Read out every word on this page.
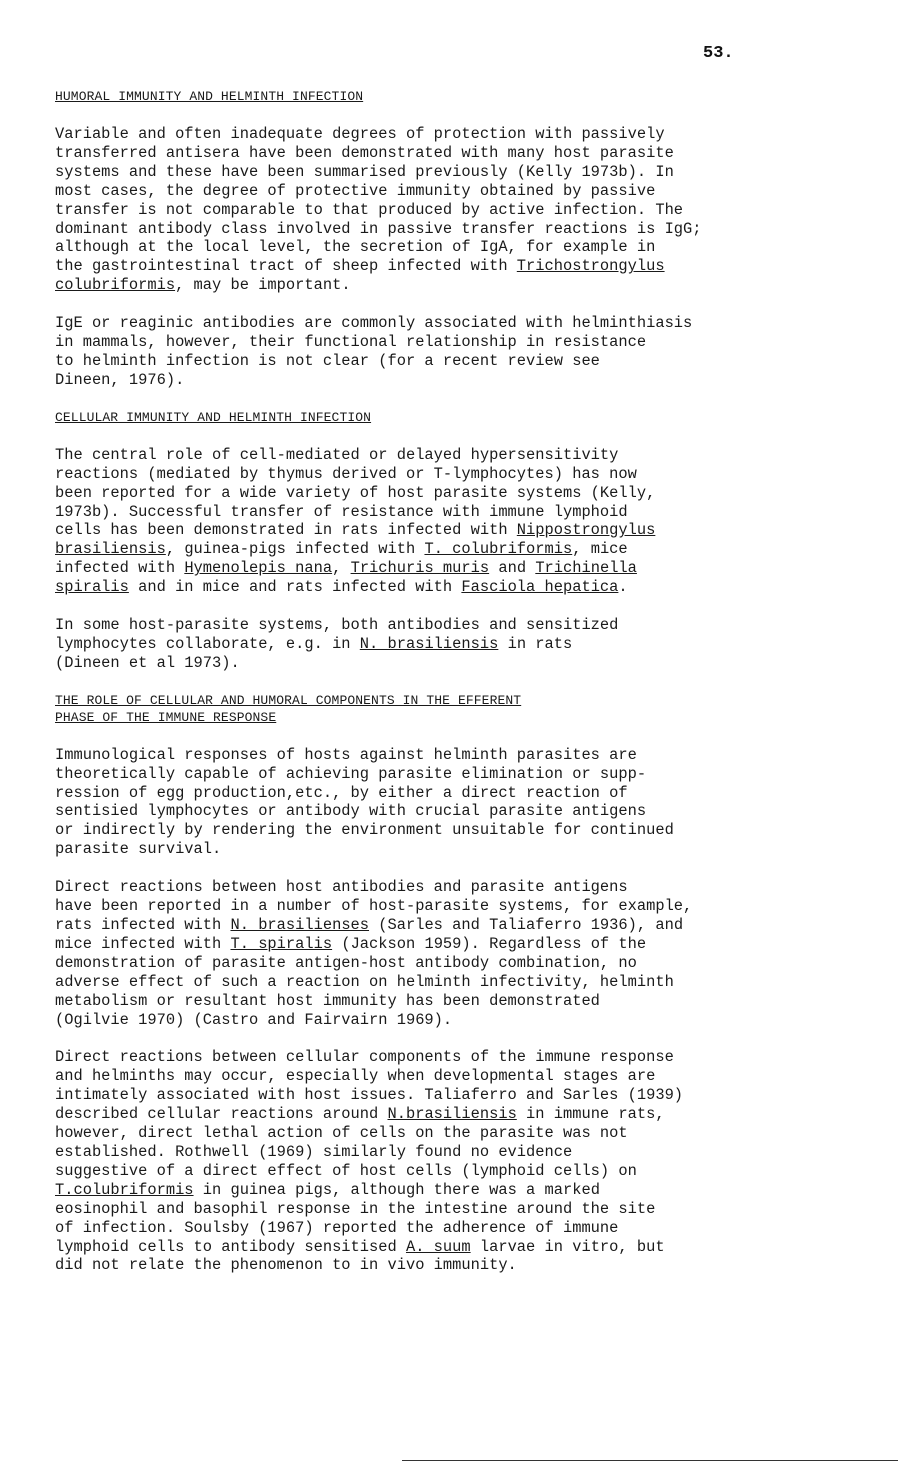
53.
HUMORAL IMMUNITY AND HELMINTH INFECTION
Variable and often inadequate degrees of protection with passively
transferred antisera have been demonstrated with many host parasite
systems and these have been summarised previously (Kelly 1973b). In
most cases, the degree of protective immunity obtained by passive
transfer is not comparable to that produced by active infection. The
dominant antibody class involved in passive transfer reactions is IgG;
although at the local level, the secretion of IgA, for example in
the gastrointestinal tract of sheep infected with Trichostrongylus
colubriformis, may be important.
IgE or reaginic antibodies are commonly associated with helminthiasis
in mammals, however, their functional relationship in resistance
to helminth infection is not clear (for a recent review see
Dineen, 1976).
CELLULAR IMMUNITY AND HELMINTH INFECTION
The central role of cell-mediated or delayed hypersensitivity
reactions (mediated by thymus derived or T-lymphocytes) has now
been reported for a wide variety of host parasite systems (Kelly,
1973b). Successful transfer of resistance with immune lymphoid
cells has been demonstrated in rats infected with Nippostrongylus
brasiliensis, guinea-pigs infected with T. colubriformis, mice
infected with Hymenolepis nana, Trichuris muris and Trichinella
spiralis and in mice and rats infected with Fasciola hepatica.
In some host-parasite systems, both antibodies and sensitized
lymphocytes collaborate, e.g. in N. brasiliensis in rats
(Dineen et al 1973).
THE ROLE OF CELLULAR AND HUMORAL COMPONENTS IN THE EFFERENT
PHASE OF THE IMMUNE RESPONSE
Immunological responses of hosts against helminth parasites are
theoretically capable of achieving parasite elimination or supp-
ression of egg production,etc., by either a direct reaction of
sentisied lymphocytes or antibody with crucial parasite antigens
or indirectly by rendering the environment unsuitable for continued
parasite survival.
Direct reactions between host antibodies and parasite antigens
have been reported in a number of host-parasite systems, for example,
rats infected with N. brasilienses (Sarles and Taliaferro 1936), and
mice infected with T. spiralis (Jackson 1959). Regardless of the
demonstration of parasite antigen-host antibody combination, no
adverse effect of such a reaction on helminth infectivity, helminth
metabolism or resultant host immunity has been demonstrated
(Ogilvie 1970) (Castro and Fairvairn 1969).
Direct reactions between cellular components of the immune response
and helminths may occur, especially when developmental stages are
intimately associated with host issues. Taliaferro and Sarles (1939)
described cellular reactions around N.brasiliensis in immune rats,
however, direct lethal action of cells on the parasite was not
established. Rothwell (1969) similarly found no evidence
suggestive of a direct effect of host cells (lymphoid cells) on
T.colubriformis in guinea pigs, although there was a marked
eosinophil and basophil response in the intestine around the site
of infection. Soulsby (1967) reported the adherence of immune
lymphoid cells to antibody sensitised A. suum larvae in vitro, but
did not relate the phenomenon to in vivo immunity.
